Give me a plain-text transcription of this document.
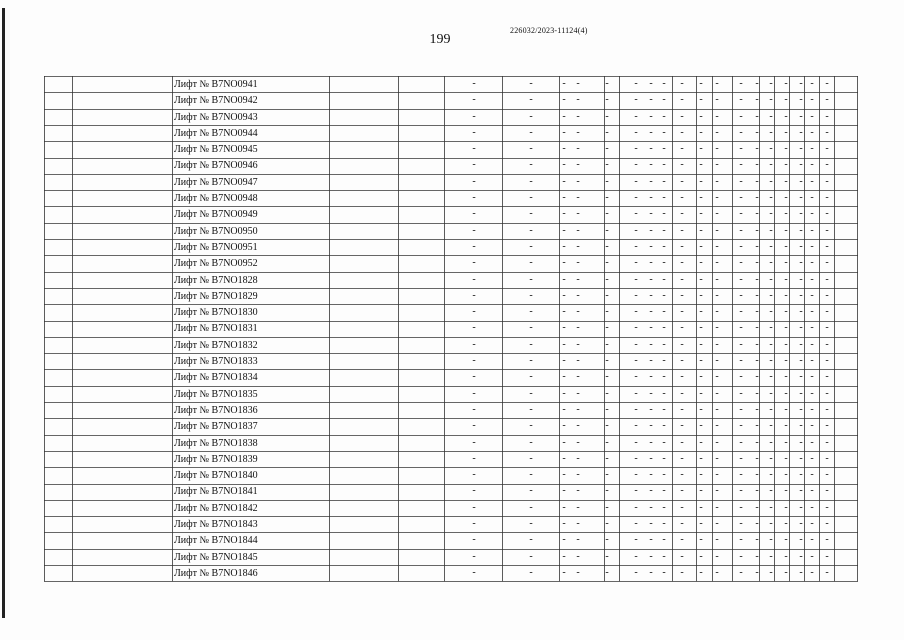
199
226032/2023-11124(4)
Лифт № B7NO0941	-	-	-	-	-	-	- -	-	-	-	-	-	-	-	- -	-
Лифт № B7NO0942	-	-	-	-	-	-	- -	-	-	-	-	-	-	-	- -	-
Лифт № B7NO0943	-	-	-	-	-	-	- -	-	-	-	-	-	-	-	- -	-
Лифт № B7NO0944	-	-	-	-	-	-	- -	-	-	-	-	-	-	-	- -	-
Лифт № B7NO0945	-	-	-	-	-	-	- -	-	-	-	-	-	-	-	- -	-
Лифт № B7NO0946	-	-	-	-	-	-	- -	-	-	-	-	-	-	-	- -	-
Лифт № B7NO0947	-	-	-	-	-	-	- -	-	-	-	-	-	-	-	- -	-
Лифт № B7NO0948	-	-	-	-	-	-	- -	-	-	-	-	-	-	-	- -	-
Лифт № B7NO0949	-	-	-	-	-	-	- -	-	-	-	-	-	-	-	- -	-
Лифт № B7NO0950	-	-	-	-	-	-	- -	-	-	-	-	-	-	-	- -	-
Лифт № B7NO0951	-	-	-	-	-	-	- -	-	-	-	-	-	-	-	- -	-
Лифт № B7NO0952	-	-	-	-	-	-	- -	-	-	-	-	-	-	-	- -	-
Лифт № B7NO1828	-	-	-	-	-	-	- -	-	-	-	-	-	-	-	- -	-
Лифт № B7NO1829	-	-	-	-	-	-	- -	-	-	-	-	-	-	-	- -	-
Лифт № B7NO1830	-	-	-	-	-	-	- -	-	-	-	-	-	-	-	- -	-
Лифт № B7NO1831	-	-	-	-	-	-	- -	-	-	-	-	-	-	-	- -	-
Лифт № B7NO1832	-	-	-	-	-	-	- -	-	-	-	-	-	-	-	- -	-
Лифт № B7NO1833	-	-	-	-	-	-	- -	-	-	-	-	-	-	-	- -	-
Лифт № B7NO1834	-	-	-	-	-	-	- -	-	-	-	-	-	-	-	- -	-
Лифт № B7NO1835	-	-	-	-	-	-	- -	-	-	-	-	-	-	-	- -	-
Лифт № B7NO1836	-	-	-	-	-	-	- -	-	-	-	-	-	-	-	- -	-
Лифт № B7NO1837	-	-	-	-	-	-	- -	-	-	-	-	-	-	-	- -	-
Лифт № B7NO1838	-	-	-	-	-	-	- -	-	-	-	-	-	-	-	- -	-
Лифт № B7NO1839	-	-	-	-	-	-	- -	-	-	-	-	-	-	-	- -	-
Лифт № B7NO1840	-	-	-	-	-	-	- -	-	-	-	-	-	-	-	- -	-
Лифт № B7NO1841	-	-	-	-	-	-	- -	-	-	-	-	-	-	-	- -	-
Лифт № B7NO1842	-	-	-	-	-	-	- -	-	-	-	-	-	-	-	- -	-
Лифт № B7NO1843	-	-	-	-	-	-	- -	-	-	-	-	-	-	-	- -	-
Лифт № B7NO1844	-	-	-	-	-	-	- -	-	-	-	-	-	-	-	- -	-
Лифт № B7NO1845	-	-	-	-	-	-	- -	-	-	-	-	-	-	-	- -	-
Лифт № B7NO1846	-	-	-	-	-	-	- -	-	-	-	-	-	-	-	- -	-
